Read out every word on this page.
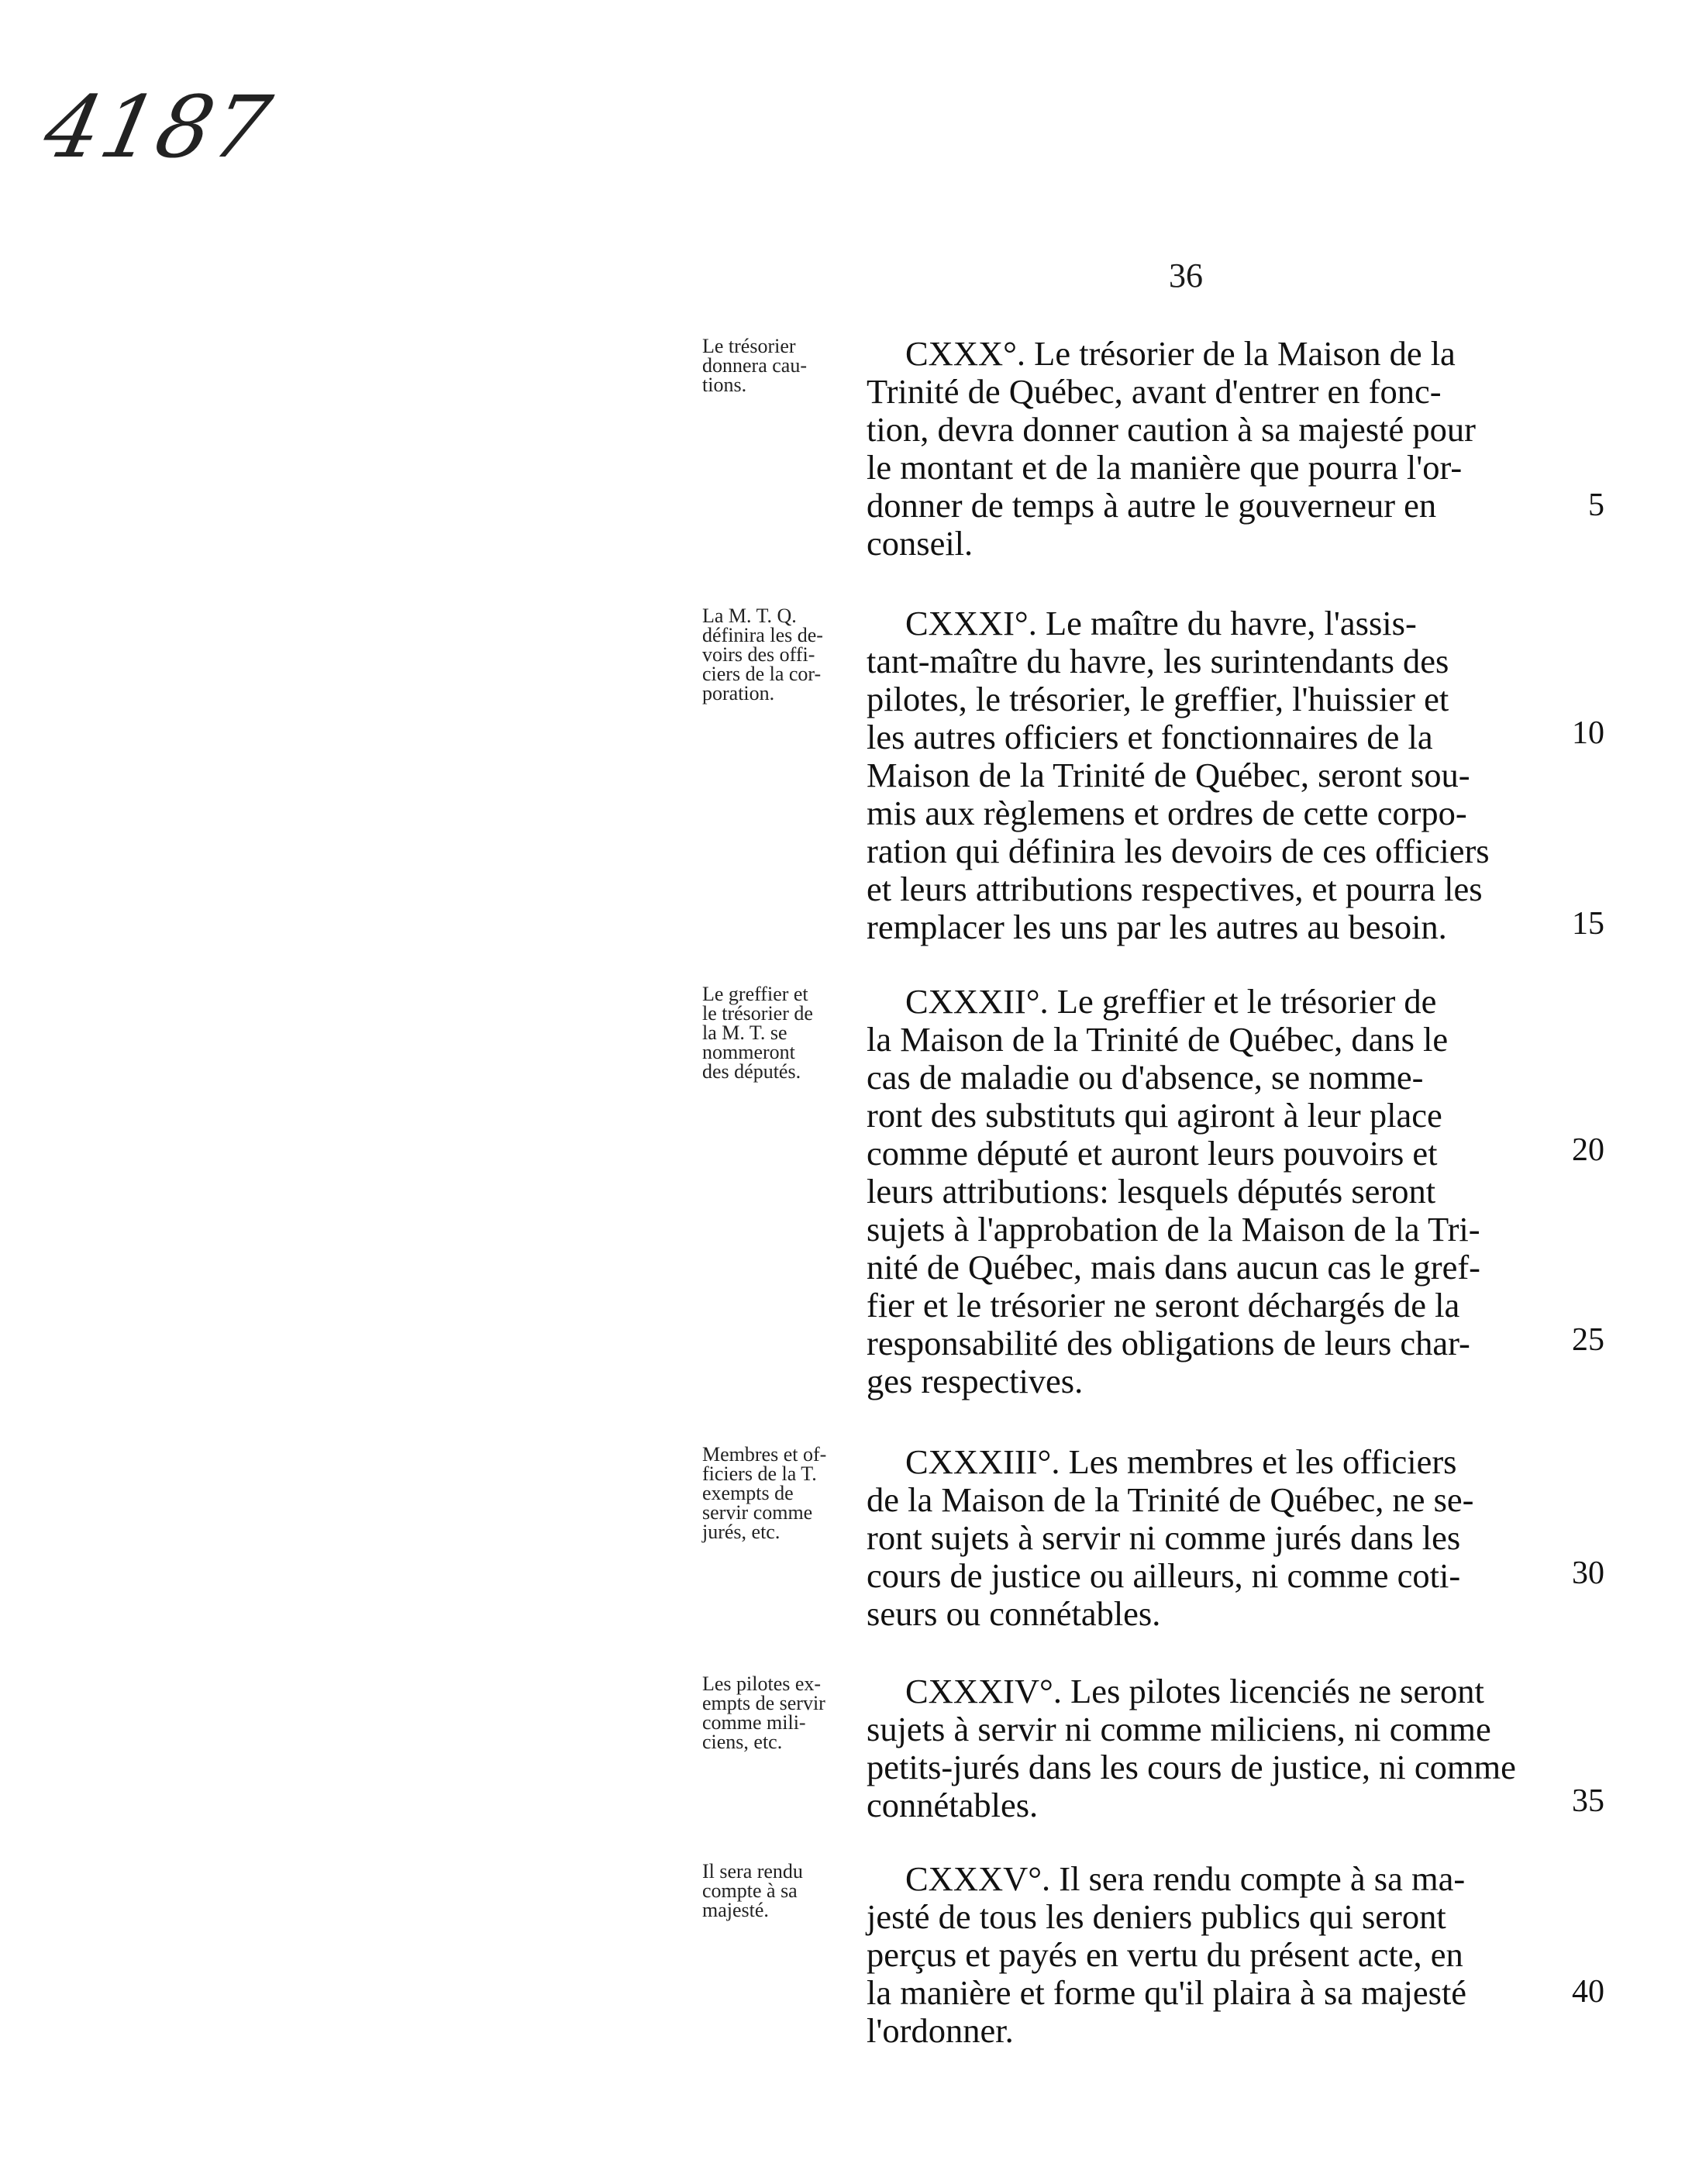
4187
36
Le trésorier
donnera cau-
tions.
CXXX°. Le trésorier de la Maison de la
Trinité de Québec, avant d'entrer en fonc-
tion, devra donner caution à sa majesté pour
le montant et de la manière que pourra l'or-
donner de temps à autre le gouverneur en
conseil.
La M. T. Q.
définira les de-
voirs des offi-
ciers de la cor-
poration.
CXXXI°. Le maître du havre, l'assis-
tant-maître du havre, les surintendants des
pilotes, le trésorier, le greffier, l'huissier et
les autres officiers et fonctionnaires de la
Maison de la Trinité de Québec, seront sou-
mis aux règlemens et ordres de cette corpo-
ration qui définira les devoirs de ces officiers
et leurs attributions respectives, et pourra les
remplacer les uns par les autres au besoin.
Le greffier et
le trésorier de
la M. T. se
nommeront
des députés.
CXXXII°. Le greffier et le trésorier de
la Maison de la Trinité de Québec, dans le
cas de maladie ou d'absence, se nomme-
ront des substituts qui agiront à leur place
comme député et auront leurs pouvoirs et
leurs attributions: lesquels députés seront
sujets à l'approbation de la Maison de la Tri-
nité de Québec, mais dans aucun cas le gref-
fier et le trésorier ne seront déchargés de la
responsabilité des obligations de leurs char-
ges respectives.
Membres et of-
ficiers de la T.
exempts de
servir comme
jurés, etc.
CXXXIII°. Les membres et les officiers
de la Maison de la Trinité de Québec, ne se-
ront sujets à servir ni comme jurés dans les
cours de justice ou ailleurs, ni comme coti-
seurs ou connétables.
Les pilotes ex-
empts de servir
comme mili-
ciens, etc.
CXXXIV°. Les pilotes licenciés ne seront
sujets à servir ni comme miliciens, ni comme
petits-jurés dans les cours de justice, ni comme
connétables.
Il sera rendu
compte à sa
majesté.
CXXXV°. Il sera rendu compte à sa ma-
jesté de tous les deniers publics qui seront
perçus et payés en vertu du présent acte, en
la manière et forme qu'il plaira à sa majesté
l'ordonner.
5
10
15
20
25
30
35
40
